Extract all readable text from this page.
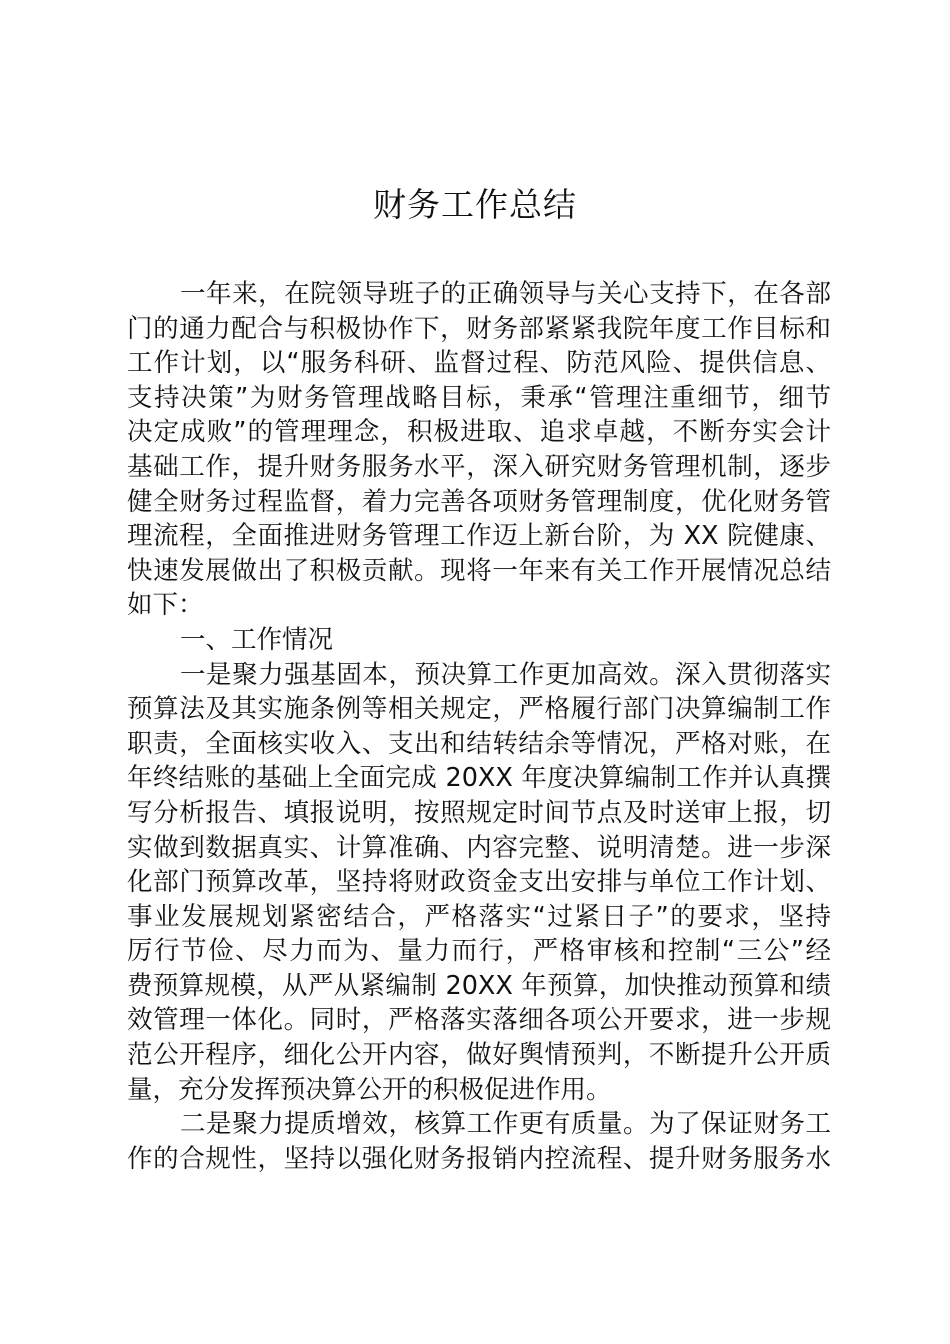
财务工作总结
一年来，在院领导班子的正确领导与关心支持下，在各部
门的通力配合与积极协作下，财务部紧紧我院年度工作目标和
工作计划，以“服务科研、监督过程、防范风险、提供信息、
支持决策”为财务管理战略目标，秉承“管理注重细节，细节
决定成败”的管理理念，积极进取、追求卓越，不断夯实会计
基础工作，提升财务服务水平，深入研究财务管理机制，逐步
健全财务过程监督，着力完善各项财务管理制度，优化财务管
理流程，全面推进财务管理工作迈上新台阶，为 XX 院健康、
快速发展做出了积极贡献。现将一年来有关工作开展情况总结
如下：
一、工作情况
一是聚力强基固本，预决算工作更加高效。深入贯彻落实
预算法及其实施条例等相关规定，严格履行部门决算编制工作
职责，全面核实收入、支出和结转结余等情况，严格对账，在
年终结账的基础上全面完成 20XX 年度决算编制工作并认真撰
写分析报告、填报说明，按照规定时间节点及时送审上报，切
实做到数据真实、计算准确、内容完整、说明清楚。进一步深
化部门预算改革，坚持将财政资金支出安排与单位工作计划、
事业发展规划紧密结合，严格落实“过紧日子”的要求，坚持
厉行节俭、尽力而为、量力而行，严格审核和控制“三公”经
费预算规模，从严从紧编制 20XX 年预算，加快推动预算和绩
效管理一体化。同时，严格落实落细各项公开要求，进一步规
范公开程序，细化公开内容，做好舆情预判，不断提升公开质
量，充分发挥预决算公开的积极促进作用。
二是聚力提质增效，核算工作更有质量。为了保证财务工
作的合规性，坚持以强化财务报销内控流程、提升财务服务水
